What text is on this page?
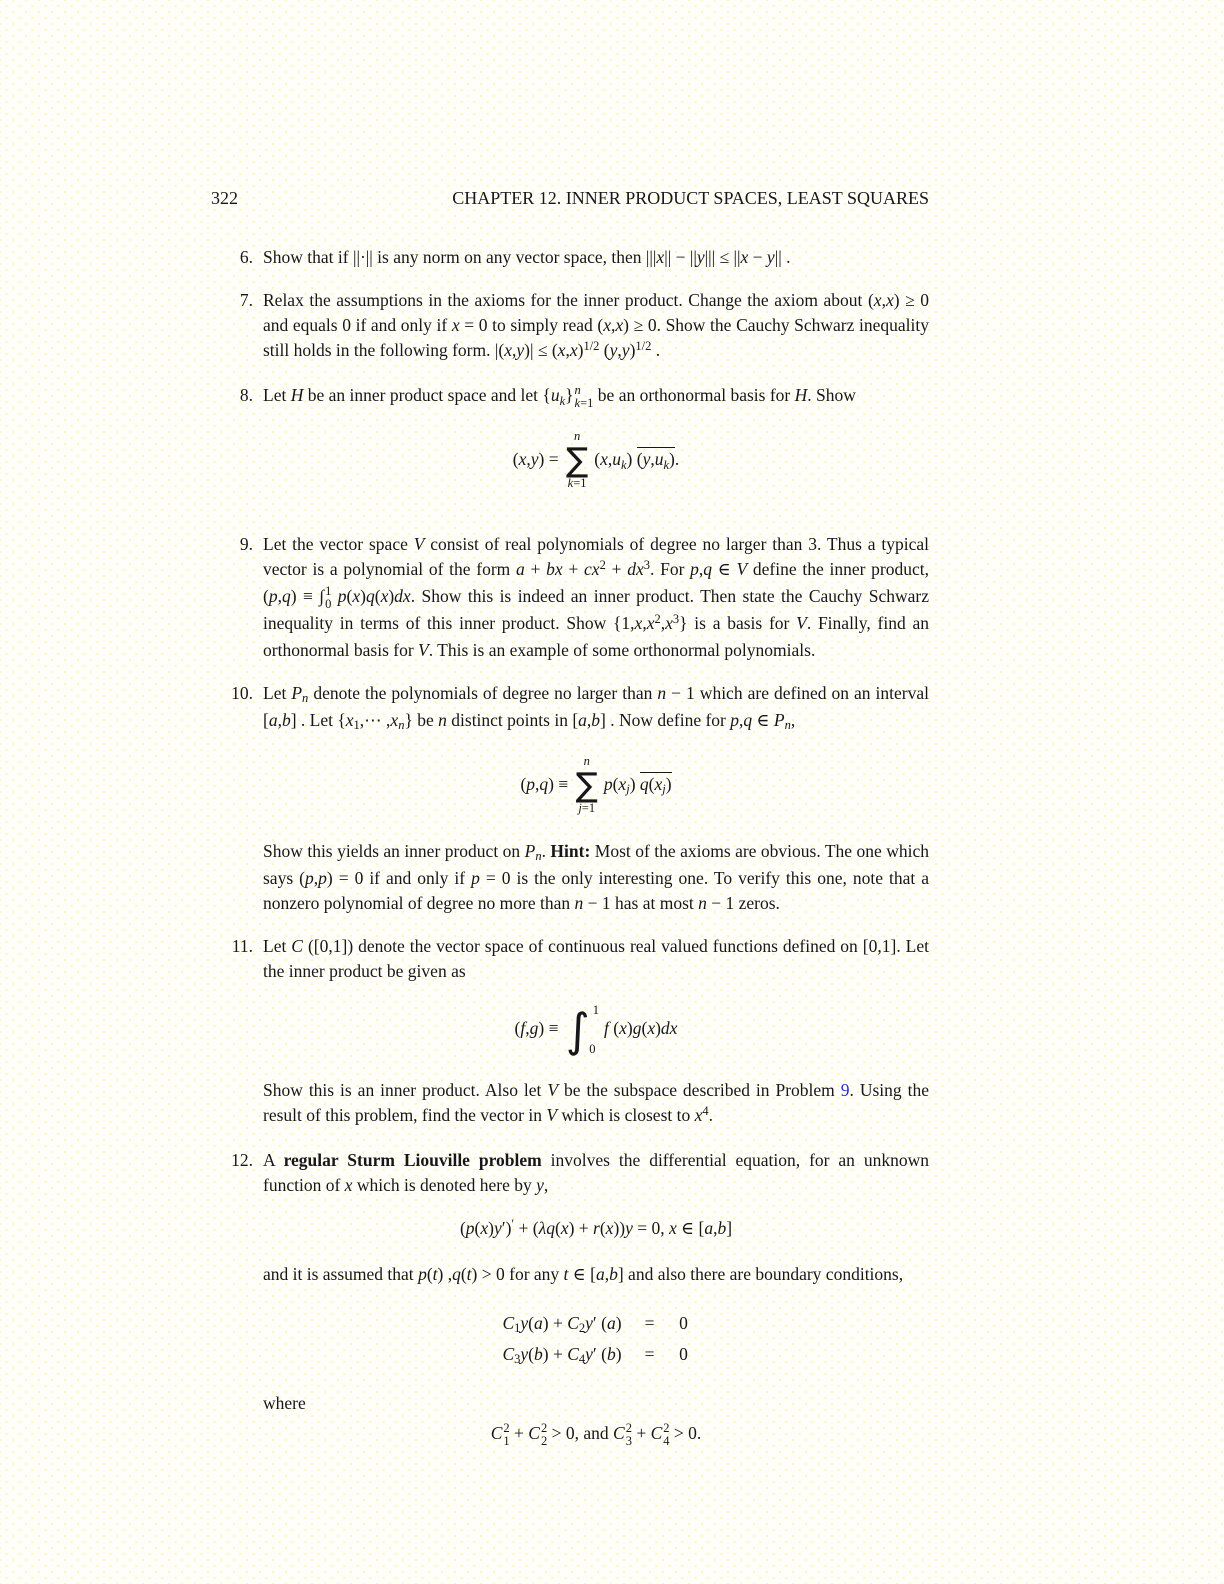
322	CHAPTER 12. INNER PRODUCT SPACES, LEAST SQUARES
6. Show that if ||·|| is any norm on any vector space, then |||x|| − ||y||| ≤ ||x − y|| .

7. Relax the assumptions in the axioms for the inner product. Change the axiom about (x,x) ≥ 0 and equals 0 if and only if x = 0 to simply read (x,x) ≥ 0. Show the Cauchy Schwarz inequality still holds in the following form. $|(x,y)| \le (x,x)^{1/2}$ $(y,y)^{1/2}$ .

8. Let H be an inner product space and let $\{u_k\}$ n
k=1 be an orthonormal basis for H. Show

(x,y) =
n
∑
k=1
$(x,u_k)$ $(y,u_k)$.
9. Let the vector space V consist of real polynomials of degree no larger than 3. Thus a typical vector is a polynomial of the form a + bx + $cx^2 + dx^3$. For p,q ∈ V define the inner product, (p,q) ≡ ∫ 1
0 p(x)q(x)dx. Show this is indeed an inner product. Then state the Cauchy Schwarz inequality in terms of this inner product. Show $\{1,x,x^2,x^3\}$ is a basis for V. Finally, find an orthonormal basis for V. This is an example of some orthonormal polynomials.

10. Let $P_n$ denote the polynomials of degree no larger than n − 1 which are defined on an interval [a,b] . Let {$x_1,\cdots$ $,x_n$} be n distinct points in [a,b] . Now define for p,q ∈ $P_n$,

(p,q) ≡
n
∑
j=1
$p(x_j)$ $q(x_j)$

Show this yields an inner product on $P_n$. Hint: Most of the axioms are obvious. The one which says (p,p) = 0 if and only if p = 0 is the only interesting one. To verify this one, note that a nonzero polynomial of degree no more than n − 1 has at most n − 1 zeros.

11. Let C ([0,1]) denote the vector space of continuous real valued functions defined on [0,1]. Let the inner product be given as

(f,g) ≡ ∫ 1
0
f (x)g(x)dx

Show this is an inner product. Also let V be the subspace described in Problem 9. Using the result of this problem, find the vector in V which is closest to $x^4$.

12. A regular Sturm Liouville problem involves the differential equation, for an unknown function of x which is denoted here by y,

(p(x)y′)′ + (λq(x) + r(x))y = 0, x ∈ [a,b]

and it is assumed that p(t) ,q(t) > 0 for any t ∈ [a,b] and also there are boundary conditions,

$C_1y(a) + C_2y'$ (a) = 0
$C_3y(b) + C_4y'$ (b) = 0

where

C 2
1 + C 2
2 > 0, and C 2
3 + C 2
4 > 0.
